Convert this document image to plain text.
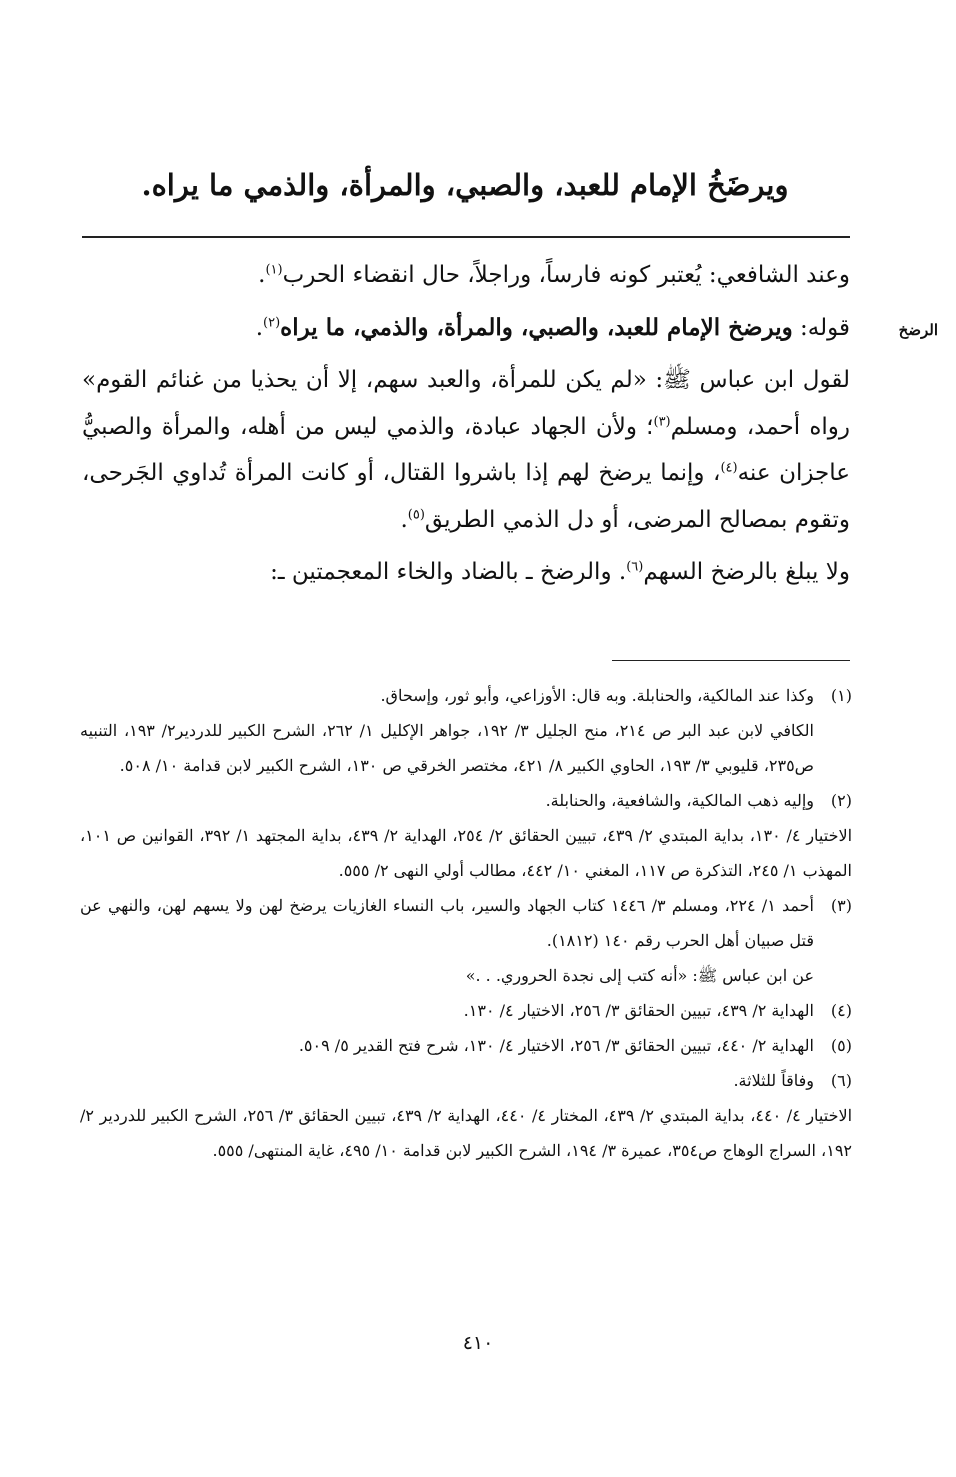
ويرضَخُ الإمام للعبد، والصبي، والمرأة، والذمي ما يراه.
الرضخ

وعند الشافعي: يُعتبر كونه فارساً، وراجلاً، حال انقضاء الحرب$^{(١)}$.

قوله: ويرضخ الإمام للعبد، والصبي، والمرأة، والذمي، ما يراه$^{(٢)}$.

لقول ابن عباس ﷺ: «لم يكن للمرأة، والعبد سهم، إلا أن يحذيا من غنائم القوم» رواه أحمد، ومسلم$^{(٣)}$؛ ولأن الجهاد عبادة، والذمي ليس من أهله، والمرأة والصبيُّ عاجزان عنه$^{(٤)}$، وإنما يرضخ لهم إذا باشروا القتال، أو كانت المرأة تُداوي الجَرحى، وتقوم بمصالح المرضى، أو دل الذمي الطريق$^{(٥)}$.

ولا يبلغ بالرضخ السهم$^{(٦)}$. والرضخ ـ بالضاد والخاء المعجمتين ـ:

(١)
وكذا عند المالكية، والحنابلة. وبه قال: الأوزاعي، وأبو ثور، وإسحاق.
الكافي لابن عبد البر ص ٢١٤، منح الجليل ٣/ ١٩٢، جواهر الإكليل ١/ ٢٦٢، الشرح الكبير للدردير٢/ ١٩٣، التنبيه ص٢٣٥، قليوبي ٣/ ١٩٣، الحاوي الكبير ٨/ ٤٢١، مختصر الخرقي ص ١٣٠، الشرح الكبير لابن قدامة ١٠/ ٥٠٨.
(٢)
وإليه ذهب المالكية، والشافعية، والحنابلة.
الاختيار ٤/ ١٣٠، بداية المبتدي ٢/ ٤٣٩، تبيين الحقائق ٢/ ٢٥٤، الهداية ٢/ ٤٣٩، بداية المجتهد ١/ ٣٩٢، القوانين ص ١٠١، المهذب ١/ ٢٤٥، التذكرة ص ١١٧، المغني ١٠/ ٤٤٢، مطالب أولي النهى ٢/ ٥٥٥.
(٣)
أحمد ١/ ٢٢٤، ومسلم ٣/ ١٤٤٦ كتاب الجهاد والسير، باب النساء الغازيات يرضخ لهن ولا يسهم لهن، والنهي عن قتل صبيان أهل الحرب رقم ١٤٠ (١٨١٢).
عن ابن عباس ﷺ: «أنه كتب إلى نجدة الحروري. . .»
(٤)
الهداية ٢/ ٤٣٩، تبيين الحقائق ٣/ ٢٥٦، الاختيار ٤/ ١٣٠.
(٥)
الهداية ٢/ ٤٤٠، تبيين الحقائق ٣/ ٢٥٦، الاختيار ٤/ ١٣٠، شرح فتح القدير ٥/ ٥٠٩.
(٦)
وفاقاً للثلاثة.
الاختيار ٤/ ٤٤٠، بداية المبتدي ٢/ ٤٣٩، المختار ٤/ ٤٤٠، الهداية ٢/ ٤٣٩، تبيين الحقائق ٣/ ٢٥٦، الشرح الكبير للدردير ٢/ ١٩٢، السراج الوهاج ص٣٥٤، عميرة ٣/ ١٩٤، الشرح الكبير لابن قدامة ١٠/ ٤٩٥، غاية المنتهى/ ٥٥٥.
٤١٠
